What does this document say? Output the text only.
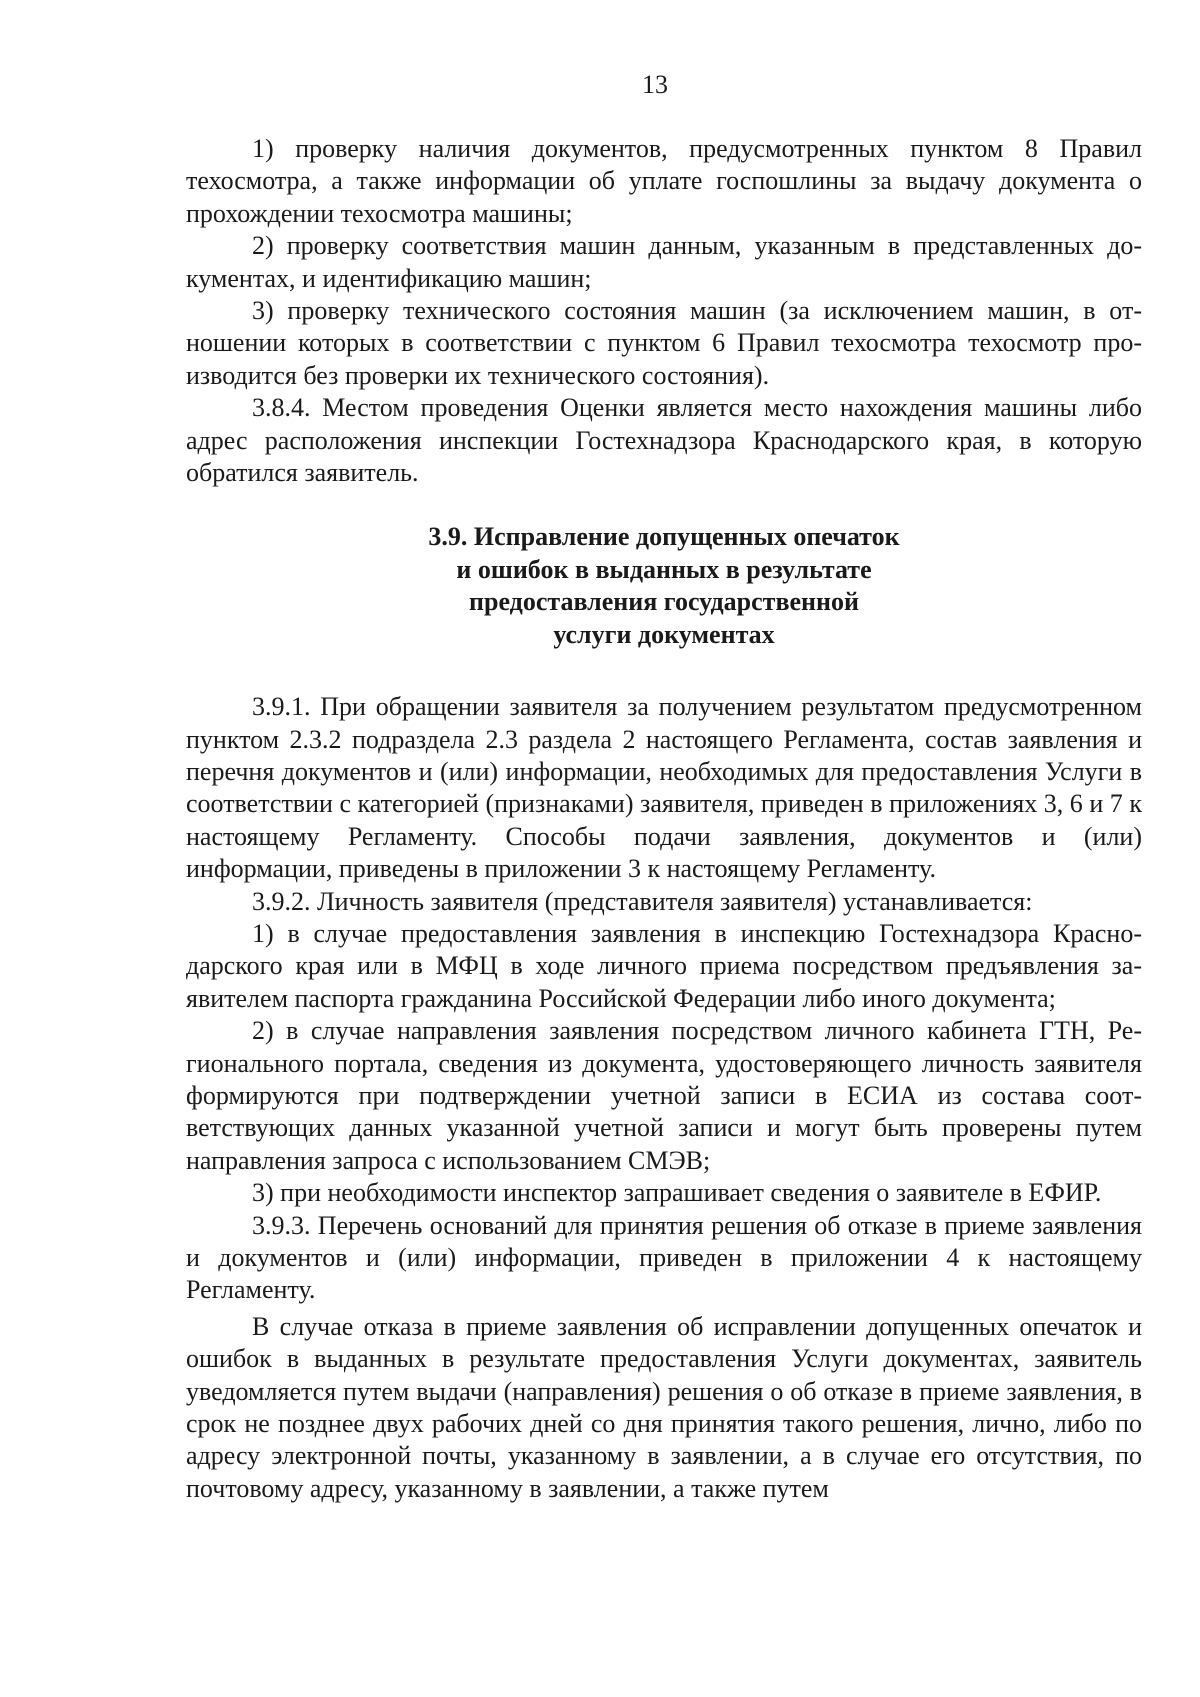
13

1) проверку наличия документов, предусмотренных пунктом 8 Правил техосмотра, а также информации об уплате госпошлины за выдачу документа о прохождении техосмотра машины;

2) проверку соответствия машин данным, указанным в представленных документах, и идентификацию машин;

3) проверку технического состояния машин (за исключением машин, в отношении которых в соответствии с пунктом 6 Правил техосмотра техосмотр производится без проверки их технического состояния).

3.8.4. Местом проведения Оценки является место нахождения машины либо адрес расположения инспекции Гостехнадзора Краснодарского края, в которую обратился заявитель.

3.9. Исправление допущенных опечаток
и ошибок в выданных в результате
предоставления государственной
услуги документах

3.9.1. При обращении заявителя за получением результатом предусмотренном пунктом 2.3.2 подраздела 2.3 раздела 2 настоящего Регламента, состав заявления и перечня документов и (или) информации, необходимых для предоставления Услуги в соответствии с категорией (признаками) заявителя, приведен в приложениях 3, 6 и 7 к настоящему Регламенту. Способы подачи заявления, документов и (или) информации, приведены в приложении 3 к настоящему Регламенту.

3.9.2. Личность заявителя (представителя заявителя) устанавливается:

1) в случае предоставления заявления в инспекцию Гостехнадзора Краснодарского края или в МФЦ в ходе личного приема посредством предъявления заявителем паспорта гражданина Российской Федерации либо иного документа;

2) в случае направления заявления посредством личного кабинета ГТН, Регионального портала, сведения из документа, удостоверяющего личность заявителя формируются при подтверждении учетной записи в ЕСИА из состава соответствующих данных указанной учетной записи и могут быть проверены путем направления запроса с использованием СМЭВ;

3) при необходимости инспектор запрашивает сведения о заявителе в ЕФИР.

3.9.3. Перечень оснований для принятия решения об отказе в приеме заявления и документов и (или) информации, приведен в приложении 4 к настоящему Регламенту.

В случае отказа в приеме заявления об исправлении допущенных опечаток и ошибок в выданных в результате предоставления Услуги документах, заявитель уведомляется путем выдачи (направления) решения о об отказе в приеме заявления, в срок не позднее двух рабочих дней со дня принятия такого решения, лично, либо по адресу электронной почты, указанному в заявлении, а в случае его отсутствия, по почтовому адресу, указанному в заявлении, а также путем
